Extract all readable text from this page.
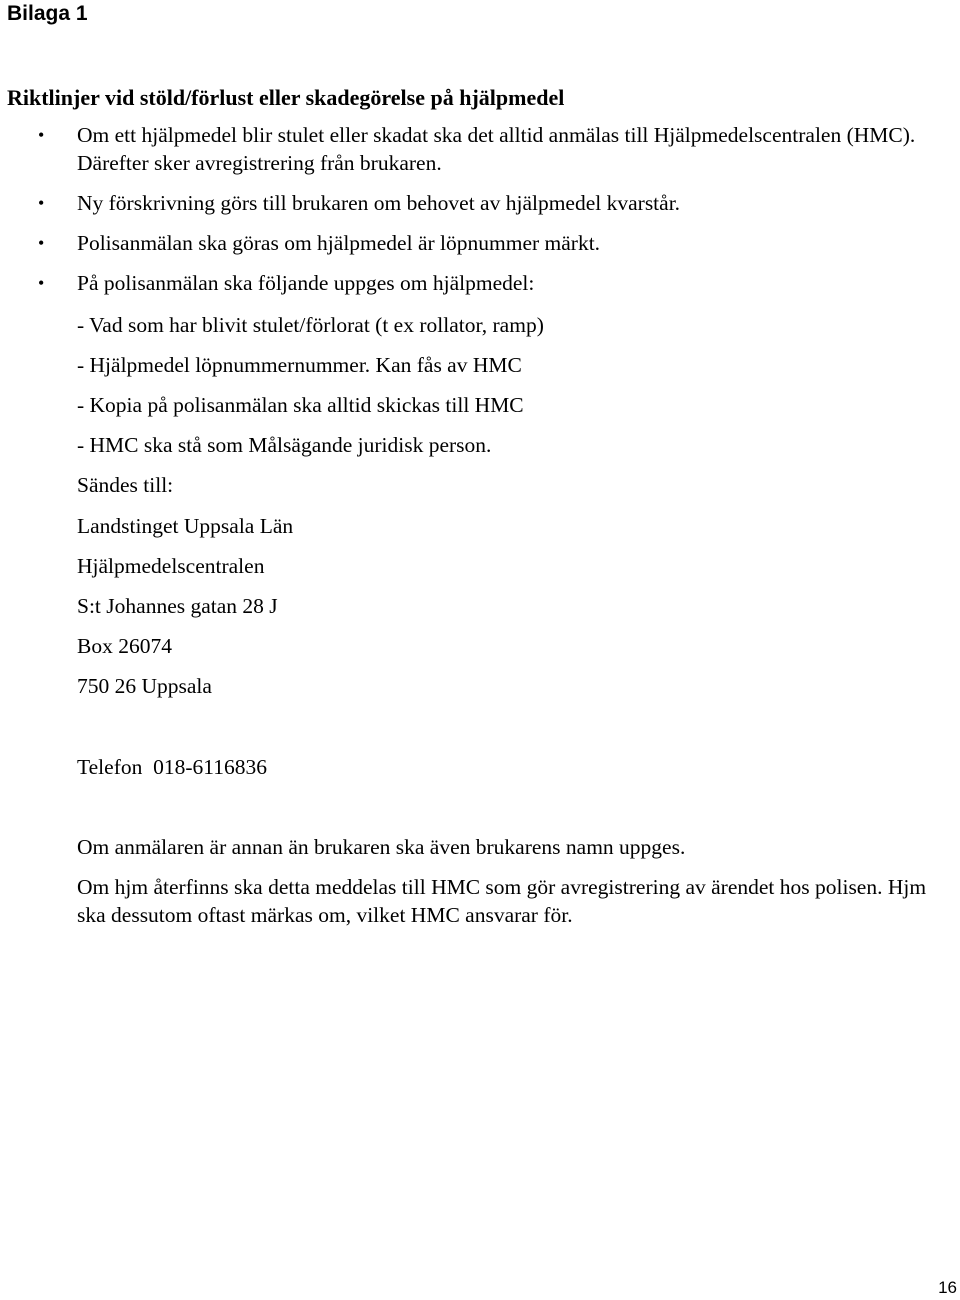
Bilaga 1
Riktlinjer vid stöld/förlust eller skadegörelse på hjälpmedel
• Om ett hjälpmedel blir stulet eller skadat ska det alltid anmälas till Hjälpmedelscentralen (HMC). Därefter sker avregistrering från brukaren.
• Ny förskrivning görs till brukaren om behovet av hjälpmedel kvarstår.
• Polisanmälan ska göras om hjälpmedel är löpnummer märkt.
• På polisanmälan ska följande uppges om hjälpmedel:

- Vad som har blivit stulet/förlorat (t ex rollator, ramp)

- Hjälpmedel löpnummernummer. Kan fås av HMC

- Kopia på polisanmälan ska alltid skickas till HMC

- HMC ska stå som Målsägande juridisk person.

Sändes till:

Landstinget Uppsala Län

Hjälpmedelscentralen

S:t Johannes gatan 28 J

Box 26074

750 26 Uppsala

Telefon  018-6116836

Om anmälaren är annan än brukaren ska även brukarens namn uppges.

Om hjm återfinns ska detta meddelas till HMC som gör avregistrering av ärendet hos polisen. Hjm ska dessutom oftast märkas om, vilket HMC ansvarar för.

16
